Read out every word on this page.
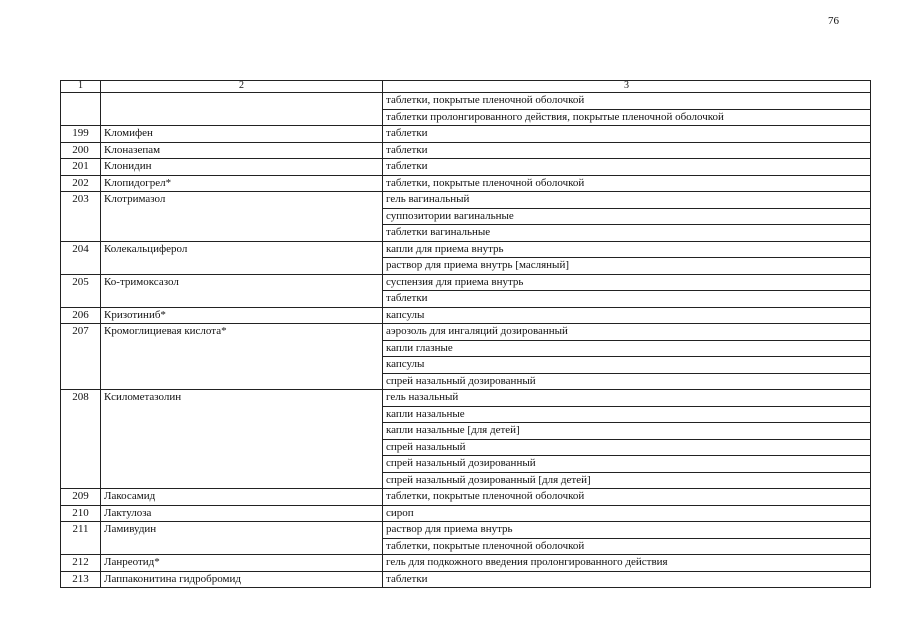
76
1	2	3
		таблетки, покрытые пленочной оболочкой
		таблетки пролонгированного действия, покрытые пленочной оболочкой
199	Кломифен	таблетки
200	Клоназепам	таблетки
201	Клонидин	таблетки
202	Клопидогрел*	таблетки, покрытые пленочной оболочкой
203	Клотримазол	гель вагинальный
		суппозитории вагинальные
		таблетки вагинальные
204	Колекальциферол	капли для приема внутрь
		раствор для приема внутрь [масляный]
205	Ко-тримоксазол	суспензия для приема внутрь
		таблетки
206	Кризотиниб*	капсулы
207	Кромоглициевая кислота*	аэрозоль для ингаляций дозированный
		капли глазные
		капсулы
		спрей назальный дозированный
208	Ксилометазолин	гель назальный
		капли назальные
		капли назальные [для детей]
		спрей назальный
		спрей назальный дозированный
		спрей назальный дозированный [для детей]
209	Лакосамид	таблетки, покрытые пленочной оболочкой
210	Лактулоза	сироп
211	Ламивудин	раствор для приема внутрь
		таблетки, покрытые пленочной оболочкой
212	Ланреотид*	гель для подкожного введения пролонгированного действия
213	Лаппаконитина гидробромид	таблетки
